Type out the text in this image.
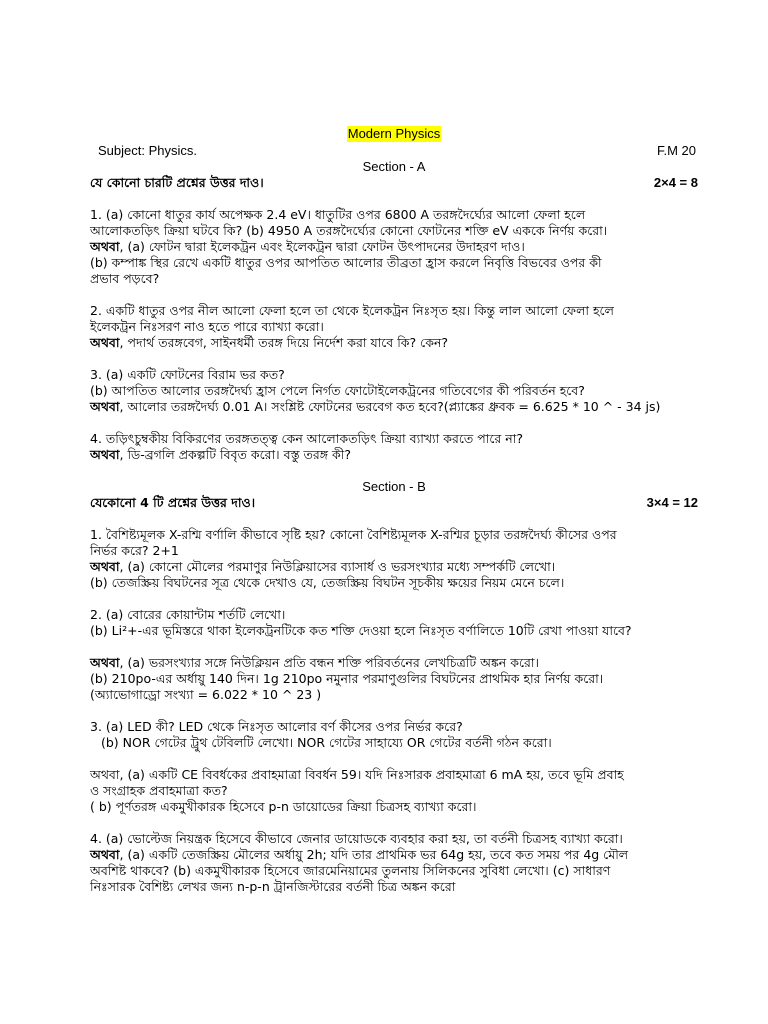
Modern Physics
Subject: Physics.	F.M 20
Section - A
যে কোনো চারটি প্রশ্নের উত্তর দাও।	2×4 = 8

1. (a) কোনো ধাতুর কার্য অপেক্ষক 2.4 eV। ধাতুটির ওপর 6800 A তরঙ্গদৈর্ঘ্যের আলো ফেলা হলে

আলোকতড়িৎ ক্রিয়া ঘটবে কি? (b) 4950 A তরঙ্গদৈর্ঘ্যের কোনো ফোটনের শক্তি eV এককে নির্ণয় করো।

অথবা, (a) ফোটন দ্বারা ইলেকট্রন এবং ইলেকট্রন দ্বারা ফোটন উৎপাদনের উদাহরণ দাও।

(b) কম্পাঙ্ক স্থির রেখে একটি ধাতুর ওপর আপতিত আলোর তীব্রতা হ্রাস করলে নিবৃত্তি বিভবের ওপর কী

প্রভাব পড়বে?

2. একটি ধাতুর ওপর নীল আলো ফেলা হলে তা থেকে ইলেকট্রন নিঃসৃত হয়। কিন্তু লাল আলো ফেলা হলে

ইলেকট্রন নিঃসরণ নাও হতে পারে ব্যাখ্যা করো।

অথবা, পদার্থ তরঙ্গবেগ, সাইনধর্মী তরঙ্গ দিয়ে নির্দেশ করা যাবে কি? কেন?

3. (a) একটি ফোটনের বিরাম ভর কত?

(b) আপতিত আলোর তরঙ্গদৈর্ঘ্য হ্রাস পেলে নির্গত ফোটোইলেকট্রনের গতিবেগের কী পরিবর্তন হবে?

অথবা, আলোর তরঙ্গদৈর্ঘ্য 0.01 A। সংশ্লিষ্ট ফোটনের ভরবেগ কত হবে?(প্ল্যাঙ্কের ধ্রুবক = 6.625 * 10 ^ - 34 js)

4. তড়িৎচুম্বকীয় বিকিরণের তরঙ্গতত্ত্ব কেন আলোকতড়িৎ ক্রিয়া ব্যাখ্যা করতে পারে না?

অথবা, ডি-ব্রগলি প্রকল্পটি বিবৃত করো। বস্তু তরঙ্গ কী?

Section - B
যেকোনো 4 টি প্রশ্নের উত্তর দাও।	3×4 = 12

1. বৈশিষ্ট্যমূলক X-রশ্মি বর্ণালি কীভাবে সৃষ্টি হয়? কোনো বৈশিষ্ট্যমূলক X-রশ্মির চূড়ার তরঙ্গদৈর্ঘ্য কীসের ওপর

নির্ভর করে? 2+1

অথবা, (a) কোনো মৌলের পরমাণুর নিউক্লিয়াসের ব্যাসার্ধ ও ভরসংখ্যার মধ্যে সম্পর্কটি লেখো।

(b) তেজস্ক্রিয় বিঘটনের সূত্র থেকে দেখাও যে, তেজস্ক্রিয় বিঘটন সূচকীয় ক্ষয়ের নিয়ম মেনে চলে।

2. (a) বোরের কোয়ান্টাম শর্তটি লেখো।

(b) Li²+-এর ভূমিস্তরে থাকা ইলেকট্রনটিকে কত শক্তি দেওয়া হলে নিঃসৃত বর্ণালিতে 10টি রেখা পাওয়া যাবে?

অথবা, (a) ভরসংখ্যার সঙ্গে নিউক্লিয়ন প্রতি বন্ধন শক্তি পরিবর্তনের লেখচিত্রটি অঙ্কন করো।

(b) 210po-এর অর্ধায়ু 140 দিন। 1g 210po নমুনার পরমাণুগুলির বিঘটনের প্রাথমিক হার নির্ণয় করো।

(অ্যাভোগাড্রো সংখ্যা = 6.022 * 10 ^ 23 )

3. (a) LED কী? LED থেকে নিঃসৃত আলোর বর্ণ কীসের ওপর নির্ভর করে?

(b) NOR গেটের ট্রুথ টেবিলটি লেখো। NOR গেটের সাহায্যে OR গেটের বর্তনী গঠন করো।

অথবা, (a) একটি CE বিবর্ধকের প্রবাহমাত্রা বিবর্ধন 59। যদি নিঃসারক প্রবাহমাত্রা 6 mA হয়, তবে ভূমি প্রবাহ

ও সংগ্রাহক প্রবাহমাত্রা কত?

( b) পূর্ণতরঙ্গ একমুখীকারক হিসেবে p-n ডায়োডের ক্রিয়া চিত্রসহ ব্যাখ্যা করো।

4. (a) ভোল্টেজ নিয়ন্ত্রক হিসেবে কীভাবে জেনার ডায়োডকে ব্যবহার করা হয়, তা বর্তনী চিত্রসহ ব্যাখ্যা করো।

অথবা, (a) একটি তেজস্ক্রিয় মৌলের অর্ধায়ু 2h; যদি তার প্রাথমিক ভর 64g হয়, তবে কত সময় পর 4g মৌল

অবশিষ্ট থাকবে? (b) একমুখীকারক হিসেবে জারমেনিয়ামের তুলনায় সিলিকনের সুবিধা লেখো। (c) সাধারণ

নিঃসারক বৈশিষ্ট্য লেখর জন্য n-p-n ট্রানজিস্টারের বর্তনী চিত্র অঙ্কন করো
